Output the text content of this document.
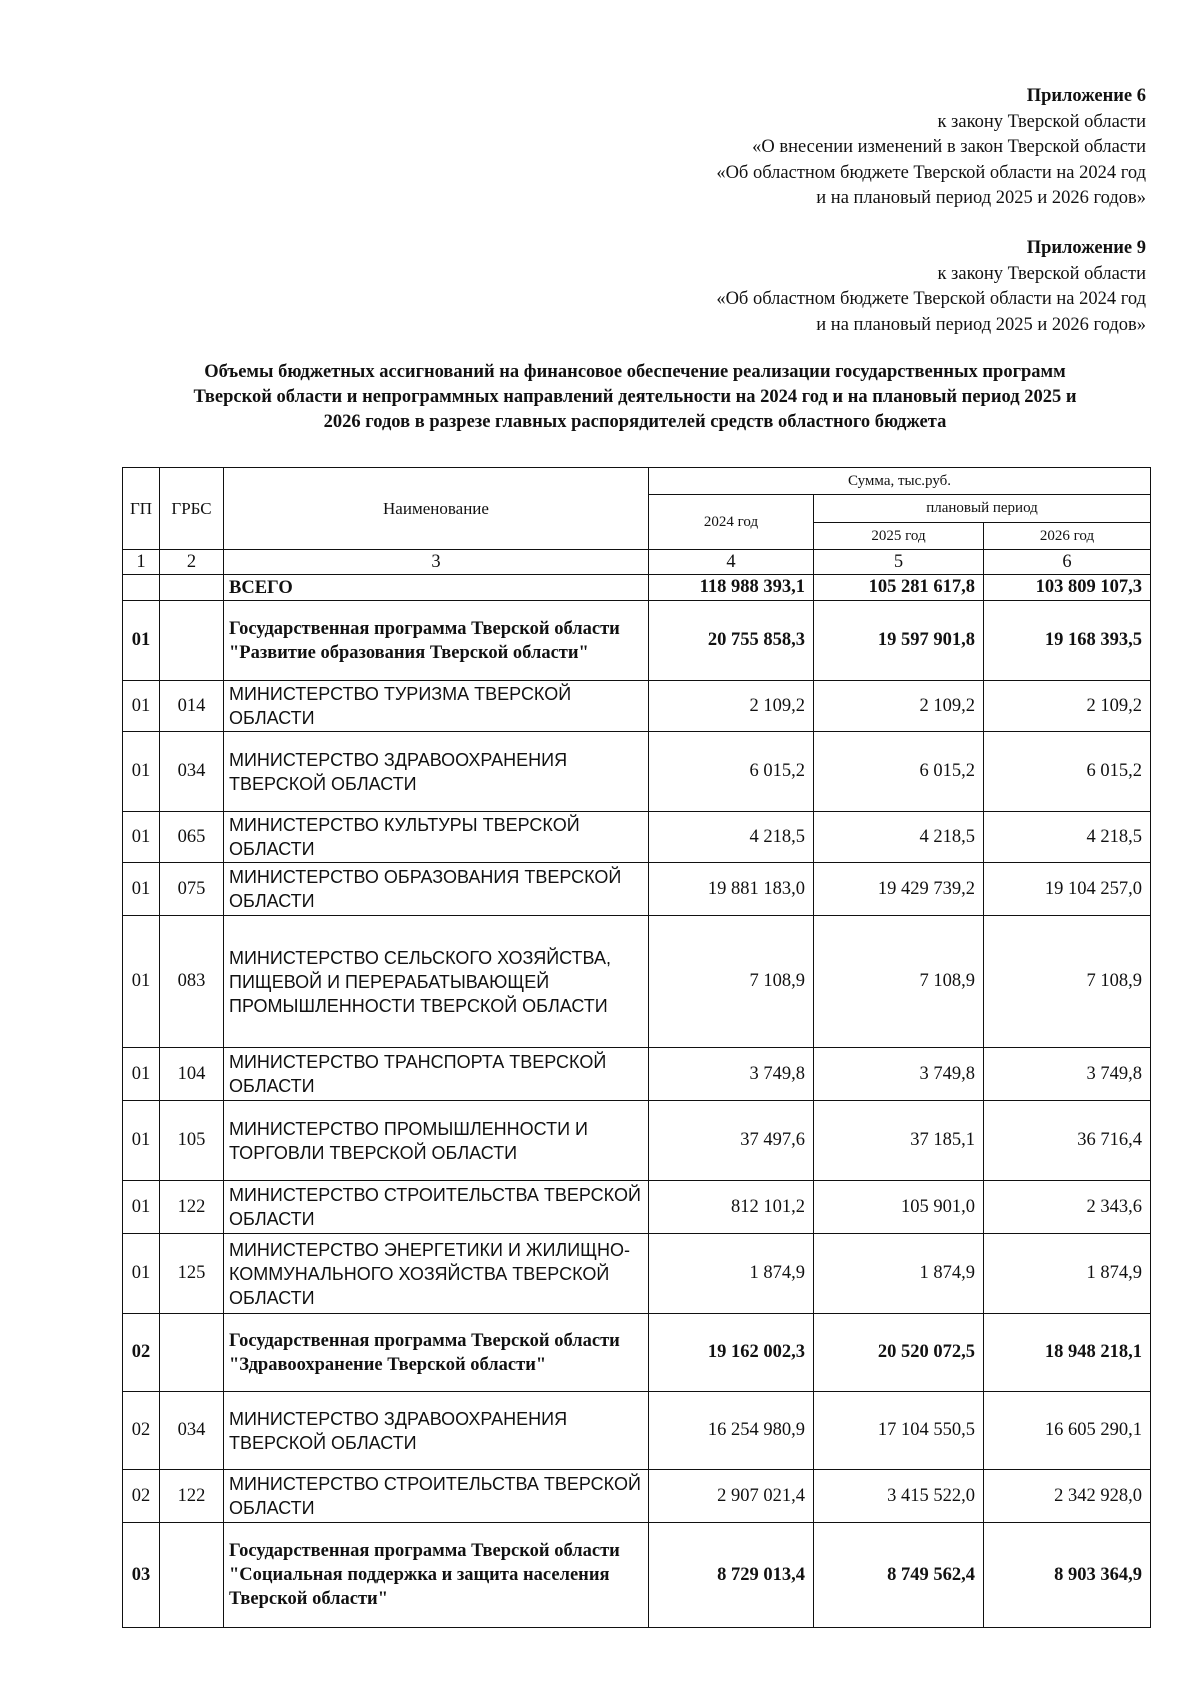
Приложение 6
к закону Тверской области
«О внесении изменений в закон Тверской области
«Об областном бюджете Тверской области на 2024 год
и на плановый период 2025 и 2026 годов»
Приложение 9
к закону Тверской области
«Об областном бюджете Тверской области на 2024 год
и на плановый период 2025 и 2026 годов»
Объемы бюджетных ассигнований на финансовое обеспечение реализации государственных программ
Тверской области и непрограммных направлений деятельности на 2024 год и на плановый период 2025 и
2026 годов в разрезе главных распорядителей средств областного бюджета
ГП	ГРБС	Наименование	Сумма, тыс.руб.		
			2024 год	плановый период	
				2025 год	2026 год
1	2	3	4	5	6
		ВСЕГО	118 988 393,1	105 281 617,8	103 809 107,3
01		Государственная программа Тверской области "Развитие образования Тверской области"	20 755 858,3	19 597 901,8	19 168 393,5
01	014	МИНИСТЕРСТВО ТУРИЗМА ТВЕРСКОЙ ОБЛАСТИ	2 109,2	2 109,2	2 109,2
01	034	МИНИСТЕРСТВО ЗДРАВООХРАНЕНИЯ ТВЕРСКОЙ ОБЛАСТИ	6 015,2	6 015,2	6 015,2
01	065	МИНИСТЕРСТВО КУЛЬТУРЫ ТВЕРСКОЙ ОБЛАСТИ	4 218,5	4 218,5	4 218,5
01	075	МИНИСТЕРСТВО ОБРАЗОВАНИЯ ТВЕРСКОЙ ОБЛАСТИ	19 881 183,0	19 429 739,2	19 104 257,0
01	083	МИНИСТЕРСТВО СЕЛЬСКОГО ХОЗЯЙСТВА, ПИЩЕВОЙ И ПЕРЕРАБАТЫВАЮЩЕЙ ПРОМЫШЛЕННОСТИ ТВЕРСКОЙ ОБЛАСТИ	7 108,9	7 108,9	7 108,9
01	104	МИНИСТЕРСТВО ТРАНСПОРТА ТВЕРСКОЙ ОБЛАСТИ	3 749,8	3 749,8	3 749,8
01	105	МИНИСТЕРСТВО ПРОМЫШЛЕННОСТИ И ТОРГОВЛИ ТВЕРСКОЙ ОБЛАСТИ	37 497,6	37 185,1	36 716,4
01	122	МИНИСТЕРСТВО СТРОИТЕЛЬСТВА ТВЕРСКОЙ ОБЛАСТИ	812 101,2	105 901,0	2 343,6
01	125	МИНИСТЕРСТВО ЭНЕРГЕТИКИ И ЖИЛИЩНО-КОММУНАЛЬНОГО ХОЗЯЙСТВА ТВЕРСКОЙ ОБЛАСТИ	1 874,9	1 874,9	1 874,9
02		Государственная программа Тверской области "Здравоохранение Тверской области"	19 162 002,3	20 520 072,5	18 948 218,1
02	034	МИНИСТЕРСТВО ЗДРАВООХРАНЕНИЯ ТВЕРСКОЙ ОБЛАСТИ	16 254 980,9	17 104 550,5	16 605 290,1
02	122	МИНИСТЕРСТВО СТРОИТЕЛЬСТВА ТВЕРСКОЙ ОБЛАСТИ	2 907 021,4	3 415 522,0	2 342 928,0
03		Государственная программа Тверской области "Социальная поддержка и защита населения Тверской области"	8 729 013,4	8 749 562,4	8 903 364,9
